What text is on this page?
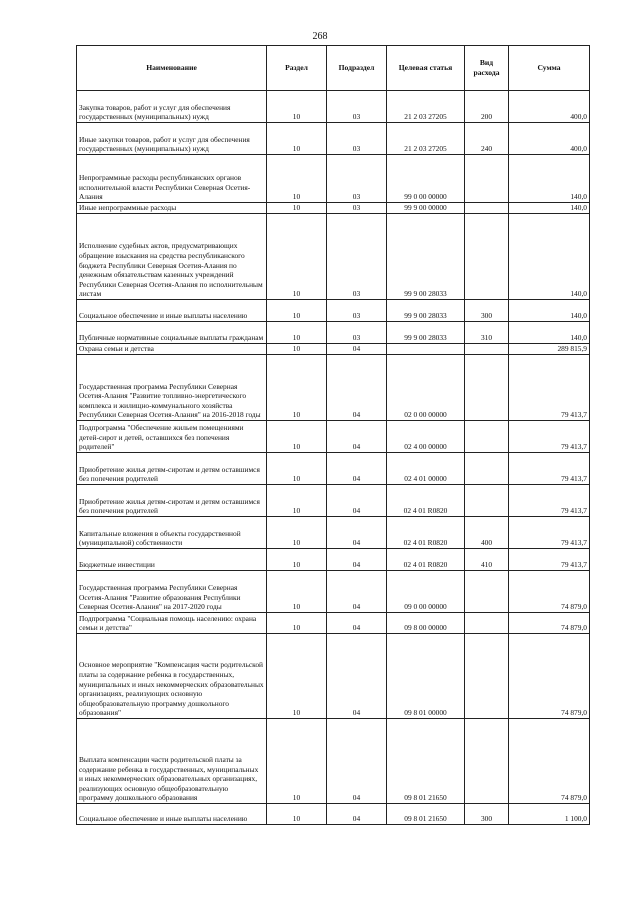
268
Наименование	Раздел	Подраздел	Целевая статья	Вид расхода	Сумма
Закупка товаров, работ и услуг для обеспечения государственных (муниципальных) нужд	10	03	21 2 03 27205	200	400,0
Иные закупки товаров, работ и услуг для обеспечения государственных (муниципальных) нужд	10	03	21 2 03 27205	240	400,0
Непрограммные расходы республиканских органов исполнительной власти Республики Северная Осетия-Алания	10	03	99 0 00 00000		140,0
Иные непрограммные расходы	10	03	99 9 00 00000		140,0
Исполнение судебных актов, предусматривающих обращение взыскания на средства республиканского бюджета Республики Северная Осетия-Алания по денежным обязательствам казенных учреждений Республики Северная Осетия-Алания по исполнительным листам	10	03	99 9 00 28033		140,0
Социальное обеспечение и иные выплаты населению	10	03	99 9 00 28033	300	140,0
Публичные нормативные социальные выплаты гражданам	10	03	99 9 00 28033	310	140,0
Охрана семьи и детства	10	04			289 815,9
Государственная программа Республики Северная Осетия-Алания "Развитие топливно-энергетического комплекса и жилищно-коммунального хозяйства Республики Северная Осетия-Алания" на 2016-2018 годы	10	04	02 0 00 00000		79 413,7
Подпрограмма "Обеспечение жильем помещениями детей-сирот и детей, оставшихся без попечения родителей"	10	04	02 4 00 00000		79 413,7
Приобретение жилья детям-сиротам и детям оставшимся без попечения родителей	10	04	02 4 01 00000		79 413,7
Приобретение жилья детям-сиротам и детям оставшимся без попечения родителей	10	04	02 4 01 R0820		79 413,7
Капитальные вложения в объекты государственной (муниципальной) собственности	10	04	02 4 01 R0820	400	79 413,7
Бюджетные инвестиции	10	04	02 4 01 R0820	410	79 413,7
Государственная программа Республики Северная Осетия-Алания "Развитие образования Республики Северная Осетия-Алания" на 2017-2020 годы	10	04	09 0 00 00000		74 879,0
Подпрограмма "Социальная помощь населению: охрана семьи и детства"	10	04	09 8 00 00000		74 879,0
Основное мероприятие "Компенсация части родительской платы за содержание ребенка в государственных, муниципальных и иных некоммерческих образовательных организациях, реализующих основную общеобразовательную программу дошкольного образования"	10	04	09 8 01 00000		74 879,0
Выплата компенсации части родительской платы за содержание ребенка в государственных, муниципальных и иных некоммерческих образовательных организациях, реализующих основную общеобразовательную программу дошкольного образования	10	04	09 8 01 21650		74 879,0
Социальное обеспечение и иные выплаты населению	10	04	09 8 01 21650	300	1 100,0
